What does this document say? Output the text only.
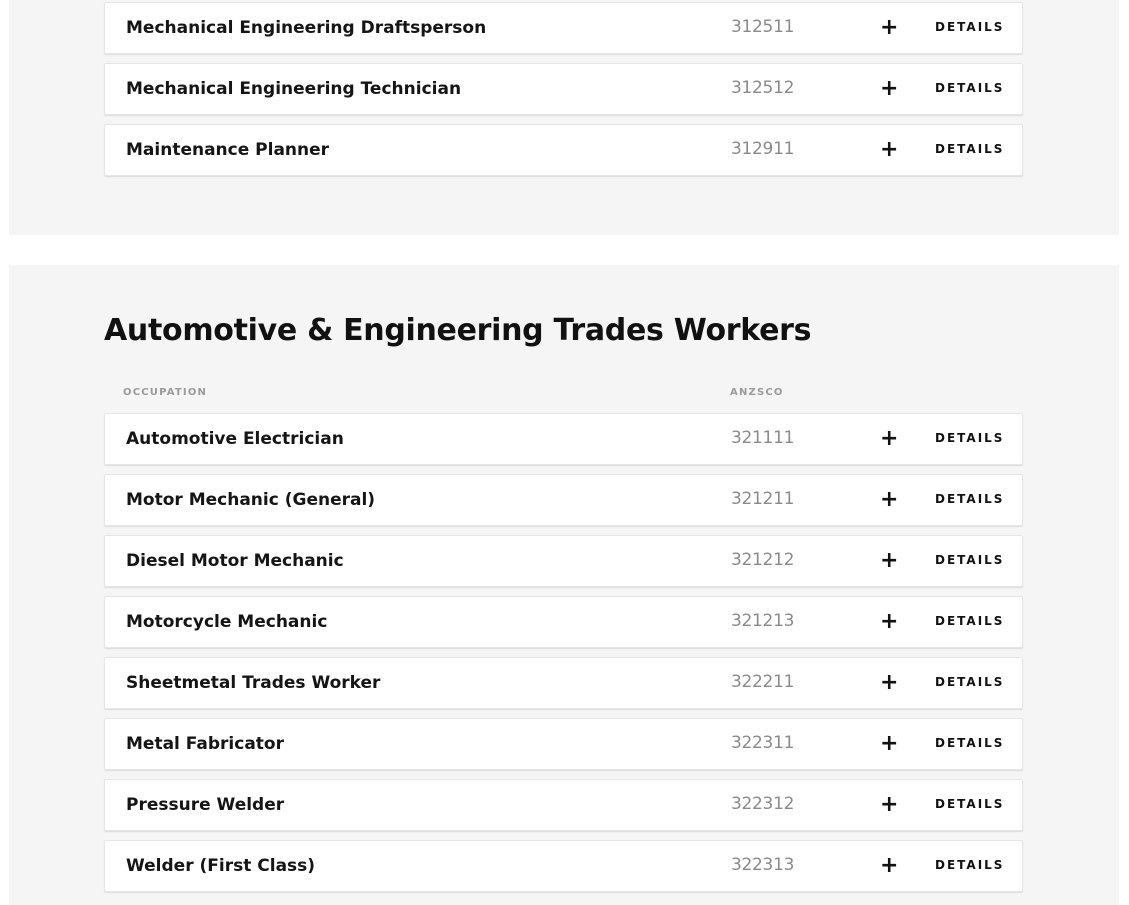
Mechanical Engineering Draftsperson	312511	+	DETAILS
Mechanical Engineering Technician	312512	+	DETAILS
Maintenance Planner	312911	+	DETAILS
Automotive & Engineering Trades Workers
OCCUPATION	ANZSCO
Automotive Electrician	321111	+	DETAILS
Motor Mechanic (General)	321211	+	DETAILS
Diesel Motor Mechanic	321212	+	DETAILS
Motorcycle Mechanic	321213	+	DETAILS
Sheetmetal Trades Worker	322211	+	DETAILS
Metal Fabricator	322311	+	DETAILS
Pressure Welder	322312	+	DETAILS
Welder (First Class)	322313	+	DETAILS
